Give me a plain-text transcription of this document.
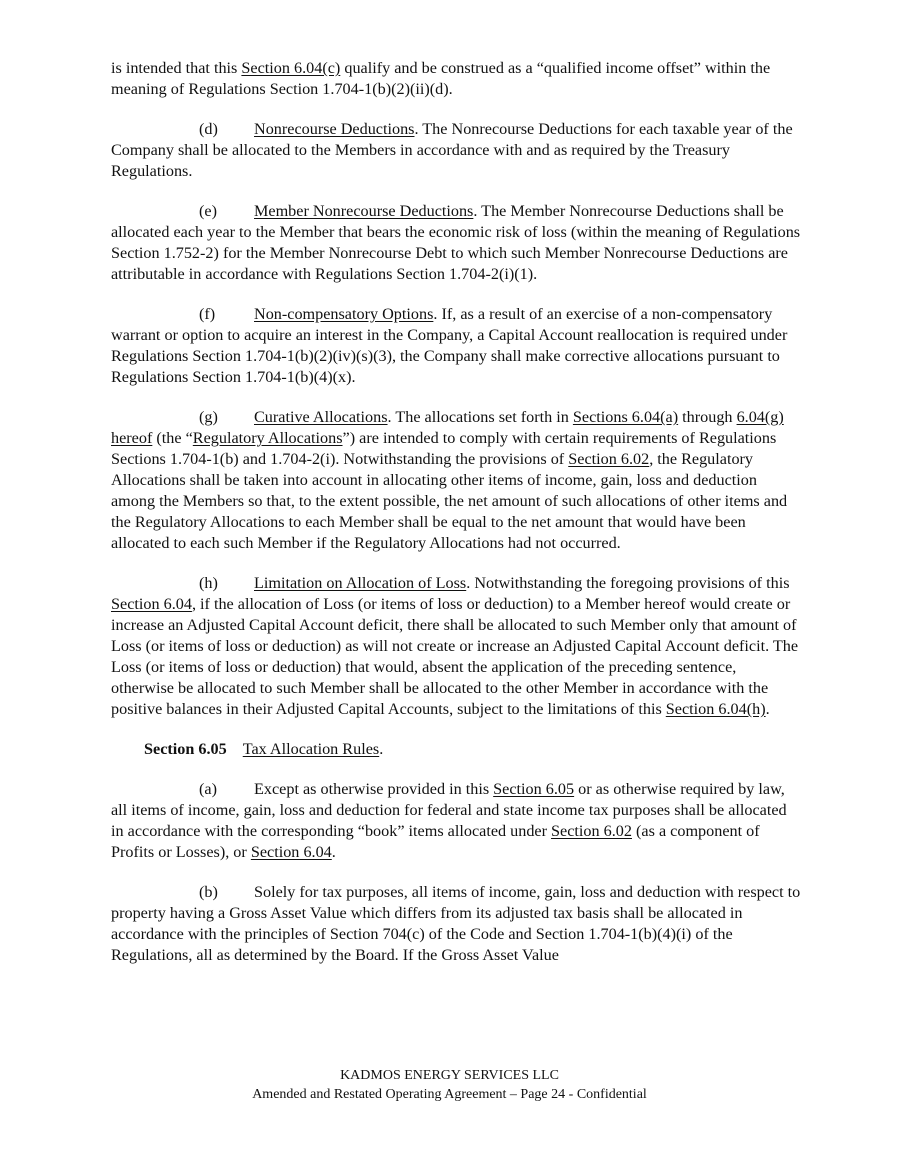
is intended that this Section 6.04(c) qualify and be construed as a “qualified income offset” within the meaning of Regulations Section 1.704-1(b)(2)(ii)(d).

(d) Nonrecourse Deductions. The Nonrecourse Deductions for each taxable year of the Company shall be allocated to the Members in accordance with and as required by the Treasury Regulations.

(e) Member Nonrecourse Deductions. The Member Nonrecourse Deductions shall be allocated each year to the Member that bears the economic risk of loss (within the meaning of Regulations Section 1.752-2) for the Member Nonrecourse Debt to which such Member Nonrecourse Deductions are attributable in accordance with Regulations Section 1.704-2(i)(1).

(f) Non-compensatory Options. If, as a result of an exercise of a non-compensatory warrant or option to acquire an interest in the Company, a Capital Account reallocation is required under Regulations Section 1.704-1(b)(2)(iv)(s)(3), the Company shall make corrective allocations pursuant to Regulations Section 1.704-1(b)(4)(x).

(g) Curative Allocations. The allocations set forth in Sections 6.04(a) through 6.04(g) hereof (the “Regulatory Allocations”) are intended to comply with certain requirements of Regulations Sections 1.704-1(b) and 1.704-2(i). Notwithstanding the provisions of Section 6.02, the Regulatory Allocations shall be taken into account in allocating other items of income, gain, loss and deduction among the Members so that, to the extent possible, the net amount of such allocations of other items and the Regulatory Allocations to each Member shall be equal to the net amount that would have been allocated to each such Member if the Regulatory Allocations had not occurred.

(h) Limitation on Allocation of Loss. Notwithstanding the foregoing provisions of this Section 6.04, if the allocation of Loss (or items of loss or deduction) to a Member hereof would create or increase an Adjusted Capital Account deficit, there shall be allocated to such Member only that amount of Loss (or items of loss or deduction) as will not create or increase an Adjusted Capital Account deficit. The Loss (or items of loss or deduction) that would, absent the application of the preceding sentence, otherwise be allocated to such Member shall be allocated to the other Member in accordance with the positive balances in their Adjusted Capital Accounts, subject to the limitations of this Section 6.04(h).

Section 6.05 Tax Allocation Rules.

(a) Except as otherwise provided in this Section 6.05 or as otherwise required by law, all items of income, gain, loss and deduction for federal and state income tax purposes shall be allocated in accordance with the corresponding “book” items allocated under Section 6.02 (as a component of Profits or Losses), or Section 6.04.

(b) Solely for tax purposes, all items of income, gain, loss and deduction with respect to property having a Gross Asset Value which differs from its adjusted tax basis shall be allocated in accordance with the principles of Section 704(c) of the Code and Section 1.704-1(b)(4)(i) of the Regulations, all as determined by the Board. If the Gross Asset Value

KADMOS ENERGY SERVICES LLC
Amended and Restated Operating Agreement – Page 24 - Confidential
